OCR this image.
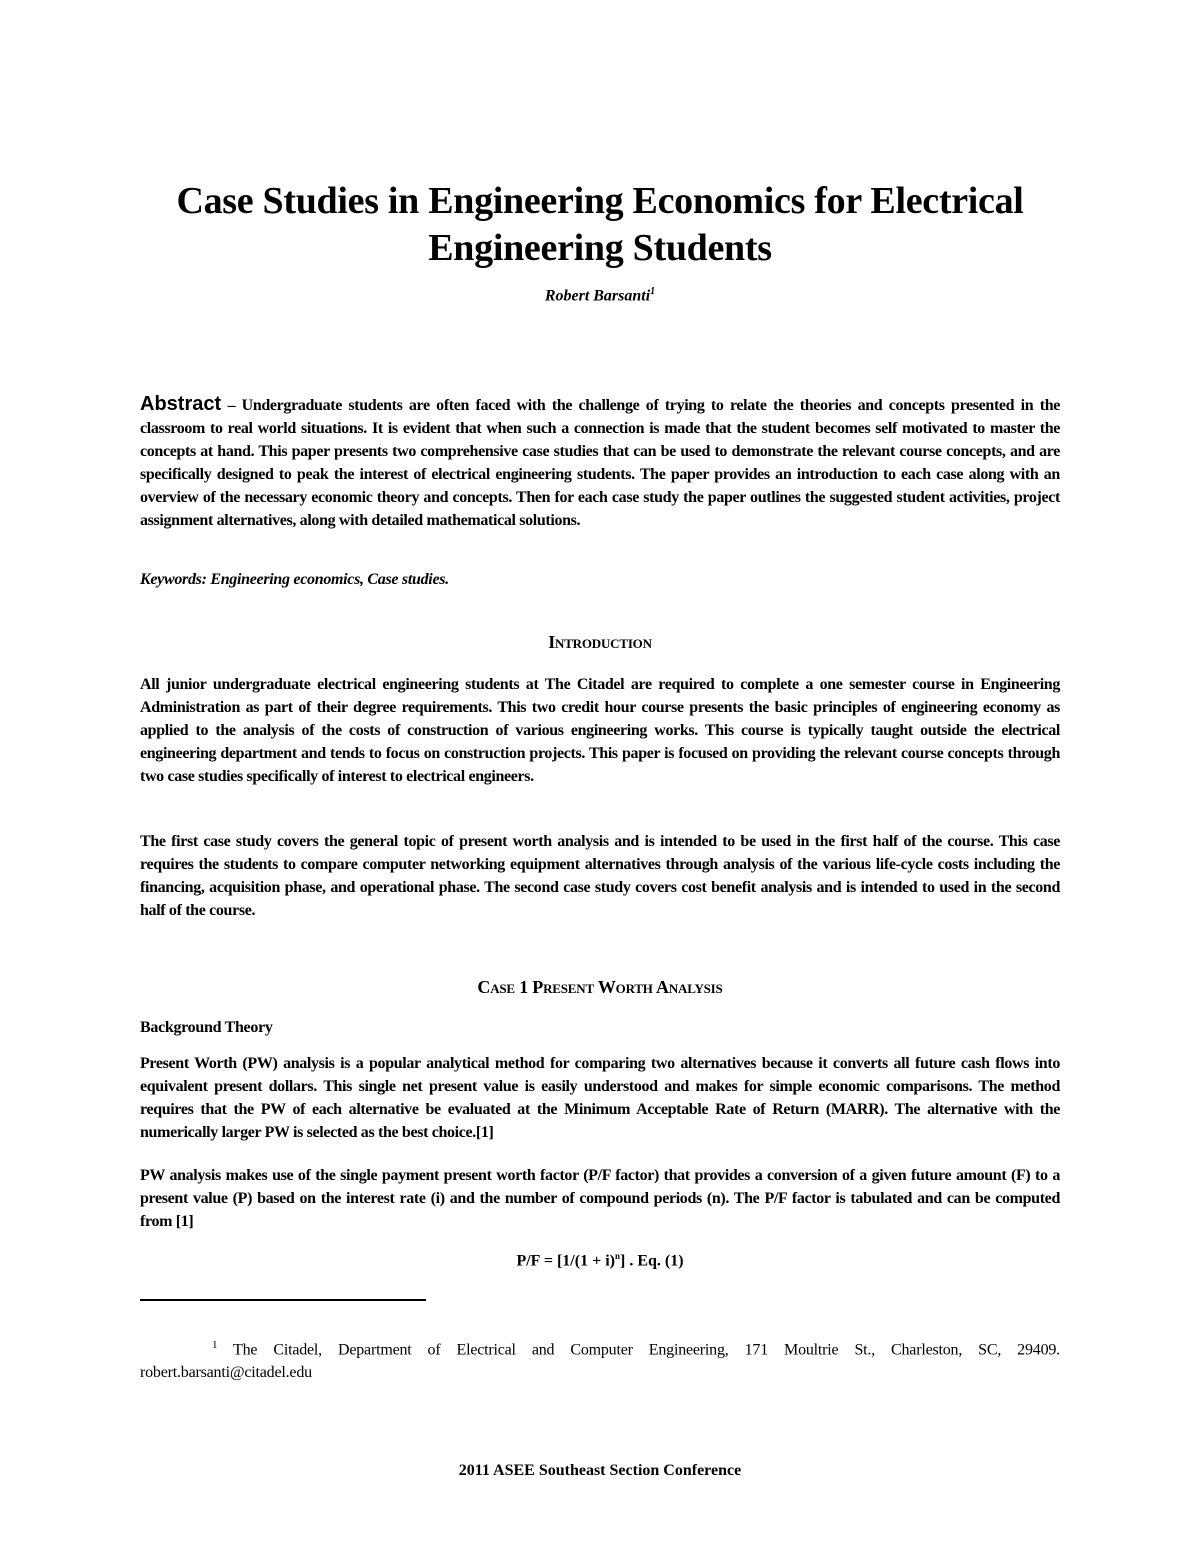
Case Studies in Engineering Economics for Electrical Engineering Students
Robert Barsanti$^1$
Abstract – Undergraduate students are often faced with the challenge of trying to relate the theories and concepts presented in the classroom to real world situations. It is evident that when such a connection is made that the student becomes self motivated to master the concepts at hand. This paper presents two comprehensive case studies that can be used to demonstrate the relevant course concepts, and are specifically designed to peak the interest of electrical engineering students. The paper provides an introduction to each case along with an overview of the necessary economic theory and concepts. Then for each case study the paper outlines the suggested student activities, project assignment alternatives, along with detailed mathematical solutions.
Keywords: Engineering economics, Case studies.
Introduction
All junior undergraduate electrical engineering students at The Citadel are required to complete a one semester course in Engineering Administration as part of their degree requirements. This two credit hour course presents the basic principles of engineering economy as applied to the analysis of the costs of construction of various engineering works. This course is typically taught outside the electrical engineering department and tends to focus on construction projects. This paper is focused on providing the relevant course concepts through two case studies specifically of interest to electrical engineers.
The first case study covers the general topic of present worth analysis and is intended to be used in the first half of the course. This case requires the students to compare computer networking equipment alternatives through analysis of the various life-cycle costs including the financing, acquisition phase, and operational phase. The second case study covers cost benefit analysis and is intended to used in the second half of the course.
Case 1 Present Worth Analysis
Background Theory
Present Worth (PW) analysis is a popular analytical method for comparing two alternatives because it converts all future cash flows into equivalent present dollars. This single net present value is easily understood and makes for simple economic comparisons. The method requires that the PW of each alternative be evaluated at the Minimum Acceptable Rate of Return (MARR). The alternative with the numerically larger PW is selected as the best choice.[1]
PW analysis makes use of the single payment present worth factor (P/F factor) that provides a conversion of a given future amount (F) to a present value (P) based on the interest rate (i) and the number of compound periods (n). The P/F factor is tabulated and can be computed from [1]
$P/F = [1/(1 + i)^n]$ . Eq. (1)
$^1$ The Citadel, Department of Electrical and Computer Engineering, 171 Moultrie St., Charleston, SC, 29409. robert.barsanti@citadel.edu
2011 ASEE Southeast Section Conference
